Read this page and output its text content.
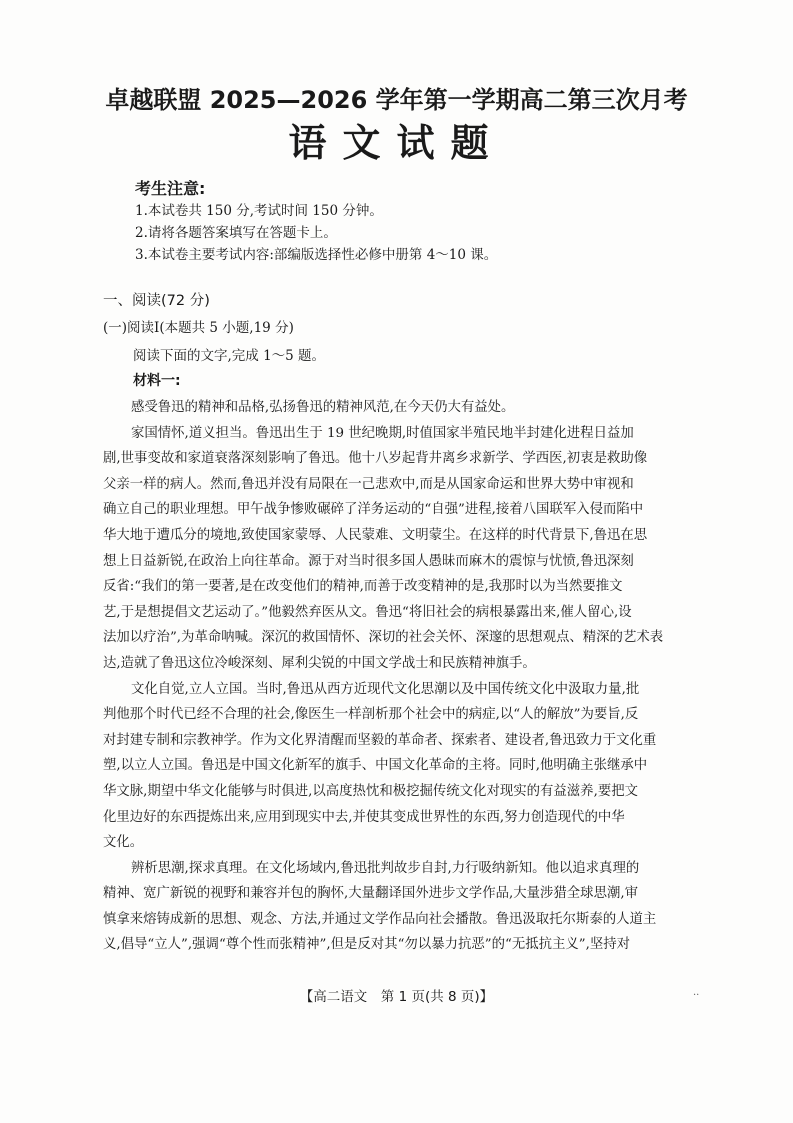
卓越联盟 2025—2026 学年第一学期高二第三次月考
语文试题
考生注意:
1.本试卷共 150 分,考试时间 150 分钟。
2.请将各题答案填写在答题卡上。
3.本试卷主要考试内容:部编版选择性必修中册第 4～10 课。
一、阅读(72 分)
(一)阅读Ⅰ(本题共 5 小题,19 分)
阅读下面的文字,完成 1～5 题。
材料一:
感受鲁迅的精神和品格,弘扬鲁迅的精神风范,在今天仍大有益处。
家国情怀,道义担当。鲁迅出生于 19 世纪晚期,时值国家半殖民地半封建化进程日益加
剧,世事变故和家道衰落深刻影响了鲁迅。他十八岁起背井离乡求新学、学西医,初衷是救助像
父亲一样的病人。然而,鲁迅并没有局限在一己悲欢中,而是从国家命运和世界大势中审视和
确立自己的职业理想。甲午战争惨败碾碎了洋务运动的“自强”进程,接着八国联军入侵而陷中
华大地于遭瓜分的境地,致使国家蒙辱、人民蒙难、文明蒙尘。在这样的时代背景下,鲁迅在思
想上日益新锐,在政治上向往革命。源于对当时很多国人愚昧而麻木的震惊与忧愤,鲁迅深刻
反省:“我们的第一要著,是在改变他们的精神,而善于改变精神的是,我那时以为当然要推文
艺,于是想提倡文艺运动了。”他毅然弃医从文。鲁迅“将旧社会的病根暴露出来,催人留心,设
法加以疗治”,为革命呐喊。深沉的救国情怀、深切的社会关怀、深邃的思想观点、精深的艺术表
达,造就了鲁迅这位冷峻深刻、犀利尖锐的中国文学战士和民族精神旗手。
文化自觉,立人立国。当时,鲁迅从西方近现代文化思潮以及中国传统文化中汲取力量,批
判他那个时代已经不合理的社会,像医生一样剖析那个社会中的病症,以“人的解放”为要旨,反
对封建专制和宗教神学。作为文化界清醒而坚毅的革命者、探索者、建设者,鲁迅致力于文化重
塑,以立人立国。鲁迅是中国文化新军的旗手、中国文化革命的主将。同时,他明确主张继承中
华文脉,期望中华文化能够与时俱进,以高度热忱和极挖掘传统文化对现实的有益滋养,要把文
化里边好的东西提炼出来,应用到现实中去,并使其变成世界性的东西,努力创造现代的中华
文化。
辨析思潮,探求真理。在文化场域内,鲁迅批判故步自封,力行吸纳新知。他以追求真理的
精神、宽广新锐的视野和兼容并包的胸怀,大量翻译国外进步文学作品,大量涉猎全球思潮,审
慎拿来熔铸成新的思想、观念、方法,并通过文学作品向社会播散。鲁迅汲取托尔斯泰的人道主
义,倡导“立人”,强调“尊个性而张精神”,但是反对其“勿以暴力抗恶”的“无抵抗主义”,坚持对
【高二语文　第 1 页(共 8 页)】	··
